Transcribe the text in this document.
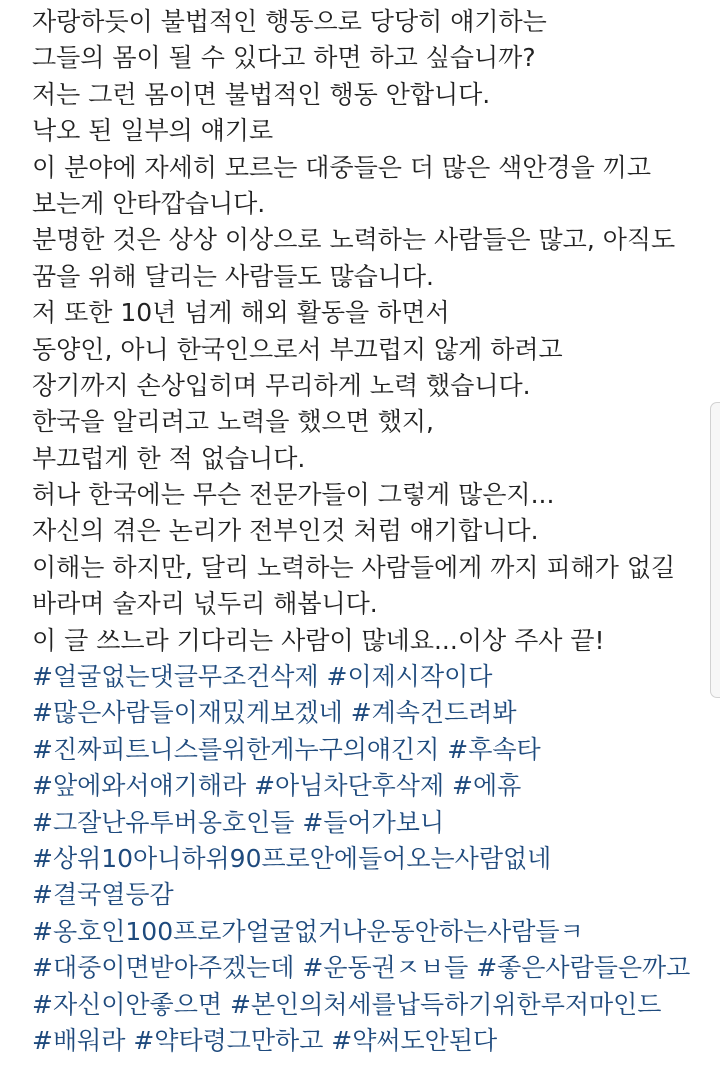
자랑하듯이 불법적인 행동으로 당당히 얘기하는
그들의 몸이 될 수 있다고 하면 하고 싶습니까?
저는 그런 몸이면 불법적인 행동 안합니다.
낙오 된 일부의 얘기로
이 분야에 자세히 모르는 대중들은 더 많은 색안경을 끼고
보는게 안타깝습니다.
분명한 것은 상상 이상으로 노력하는 사람들은 많고, 아직도
꿈을 위해 달리는 사람들도 많습니다.
저 또한 10년 넘게 해외 활동을 하면서
동양인, 아니 한국인으로서 부끄럽지 않게 하려고
장기까지 손상입히며 무리하게 노력 했습니다.
한국을 알리려고 노력을 했으면 했지,
부끄럽게 한 적 없습니다.
허나 한국에는 무슨 전문가들이 그렇게 많은지...
자신의 겪은 논리가 전부인것 처럼 얘기합니다.
이해는 하지만, 달리 노력하는 사람들에게 까지 피해가 없길
바라며 술자리 넋두리 해봅니다.
이 글 쓰느라 기다리는 사람이 많네요...이상 주사 끝!
#얼굴없는댓글무조건삭제 #이제시작이다
#많은사람들이재밌게보겠네 #계속건드려봐
#진짜피트니스를위한게누구의얘긴지 #후속타
#앞에와서얘기해라 #아님차단후삭제 #에휴
#그잘난유투버옹호인들 #들어가보니
#상위10아니하위90프로안에들어오는사람없네
#결국열등감
#옹호인100프로가얼굴없거나운동안하는사람들ㅋ
#대중이면받아주겠는데 #운동권ㅈㅂ들 #좋은사람들은까고
#자신이안좋으면 #본인의처세를납득하기위한루저마인드
#배워라 #약타령그만하고 #약써도안된다
